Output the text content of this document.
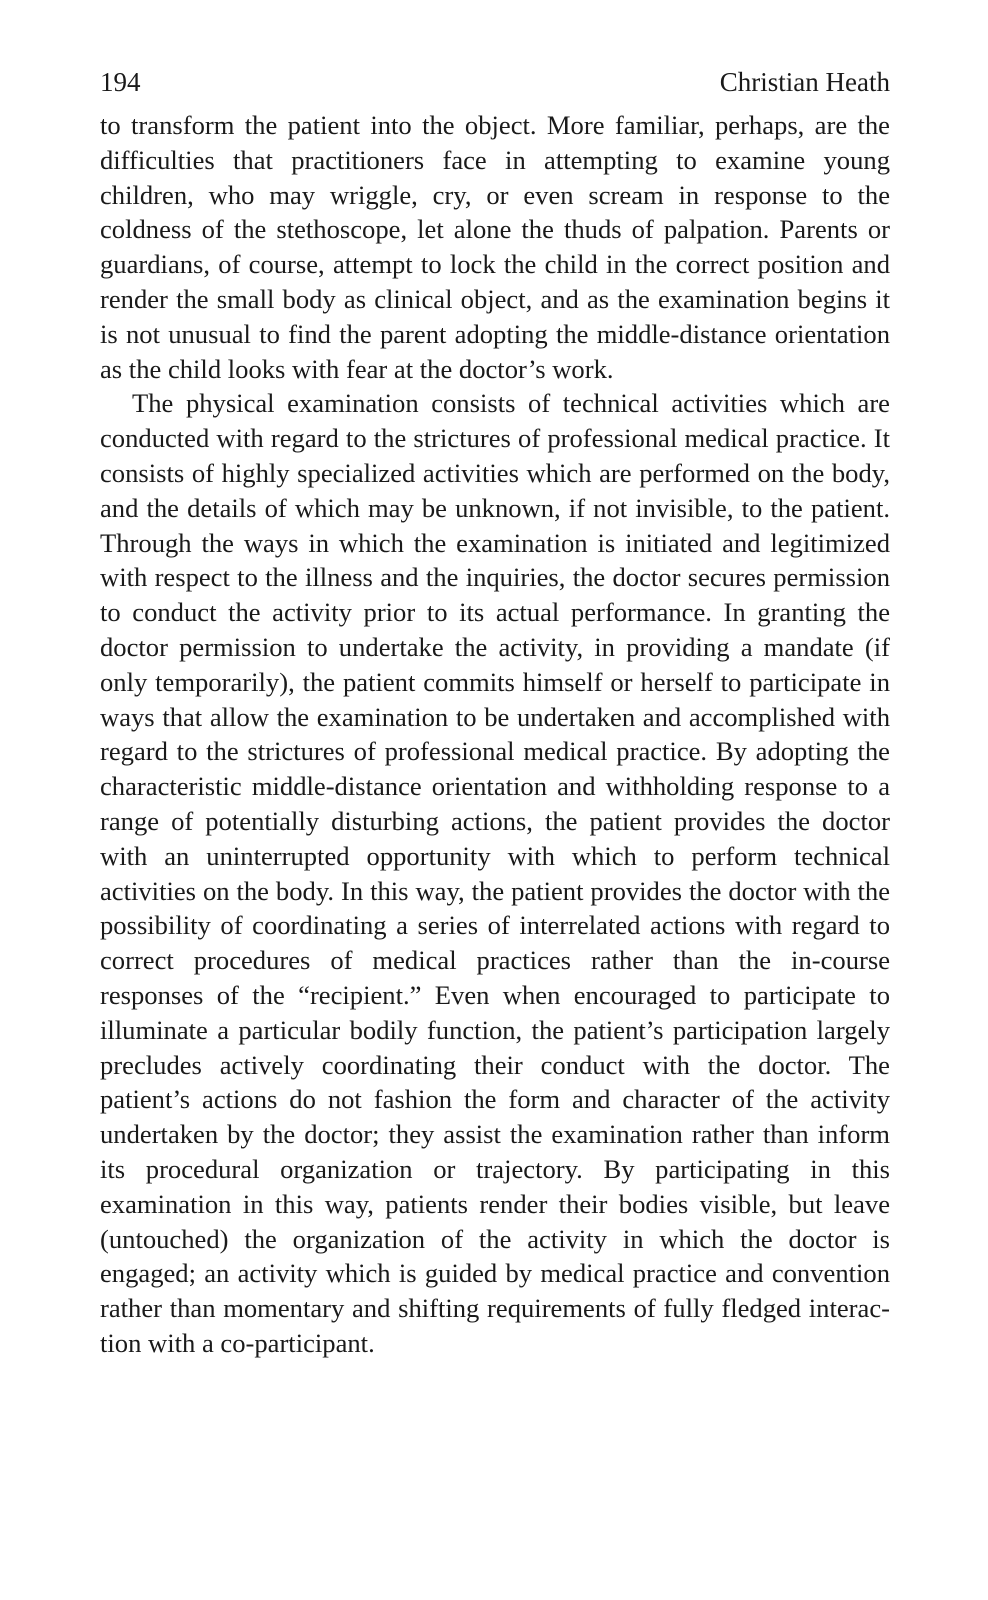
194	Christian Heath

to transform the patient into the object. More familiar, perhaps, are the difficulties that practitioners face in attempting to examine young children, who may wriggle, cry, or even scream in response to the coldness of the stethoscope, let alone the thuds of palpation. Parents or guardians, of course, attempt to lock the child in the correct position and render the small body as clinical object, and as the examination begins it is not unusual to find the parent adopting the middle-distance orientation as the child looks with fear at the doctor’s work.

The physical examination consists of technical activities which are conducted with regard to the strictures of professional medical practice. It consists of highly specialized activities which are performed on the body, and the details of which may be unknown, if not invisible, to the patient. Through the ways in which the examination is initiated and legitimized with respect to the illness and the inquiries, the doctor secures permission to conduct the activity prior to its actual performance. In granting the doctor permission to undertake the activity, in providing a mandate (if only temporarily), the patient commits himself or herself to participate in ways that allow the examination to be undertaken and accomplished with regard to the strictures of professional medical practice. By adopting the characteristic middle-distance orientation and withholding response to a range of potentially disturbing actions, the patient provides the doctor with an uninterrupted opportunity with which to perform technical activities on the body. In this way, the patient provides the doctor with the possibility of coordinating a series of interrelated actions with regard to correct procedures of medical practices rather than the in-course responses of the “recipient.” Even when encouraged to participate to illuminate a particular bodily function, the patient’s participation largely precludes actively coordinating their conduct with the doctor. The patient’s actions do not fashion the form and character of the activity undertaken by the doctor; they assist the examination rather than inform its procedural organization or trajectory. By participating in this examination in this way, patients render their bodies visible, but leave (untouched) the organization of the activity in which the doctor is engaged; an activity which is guided by medical practice and convention rather than momentary and shifting requirements of fully fledged interaction with a co-participant.
